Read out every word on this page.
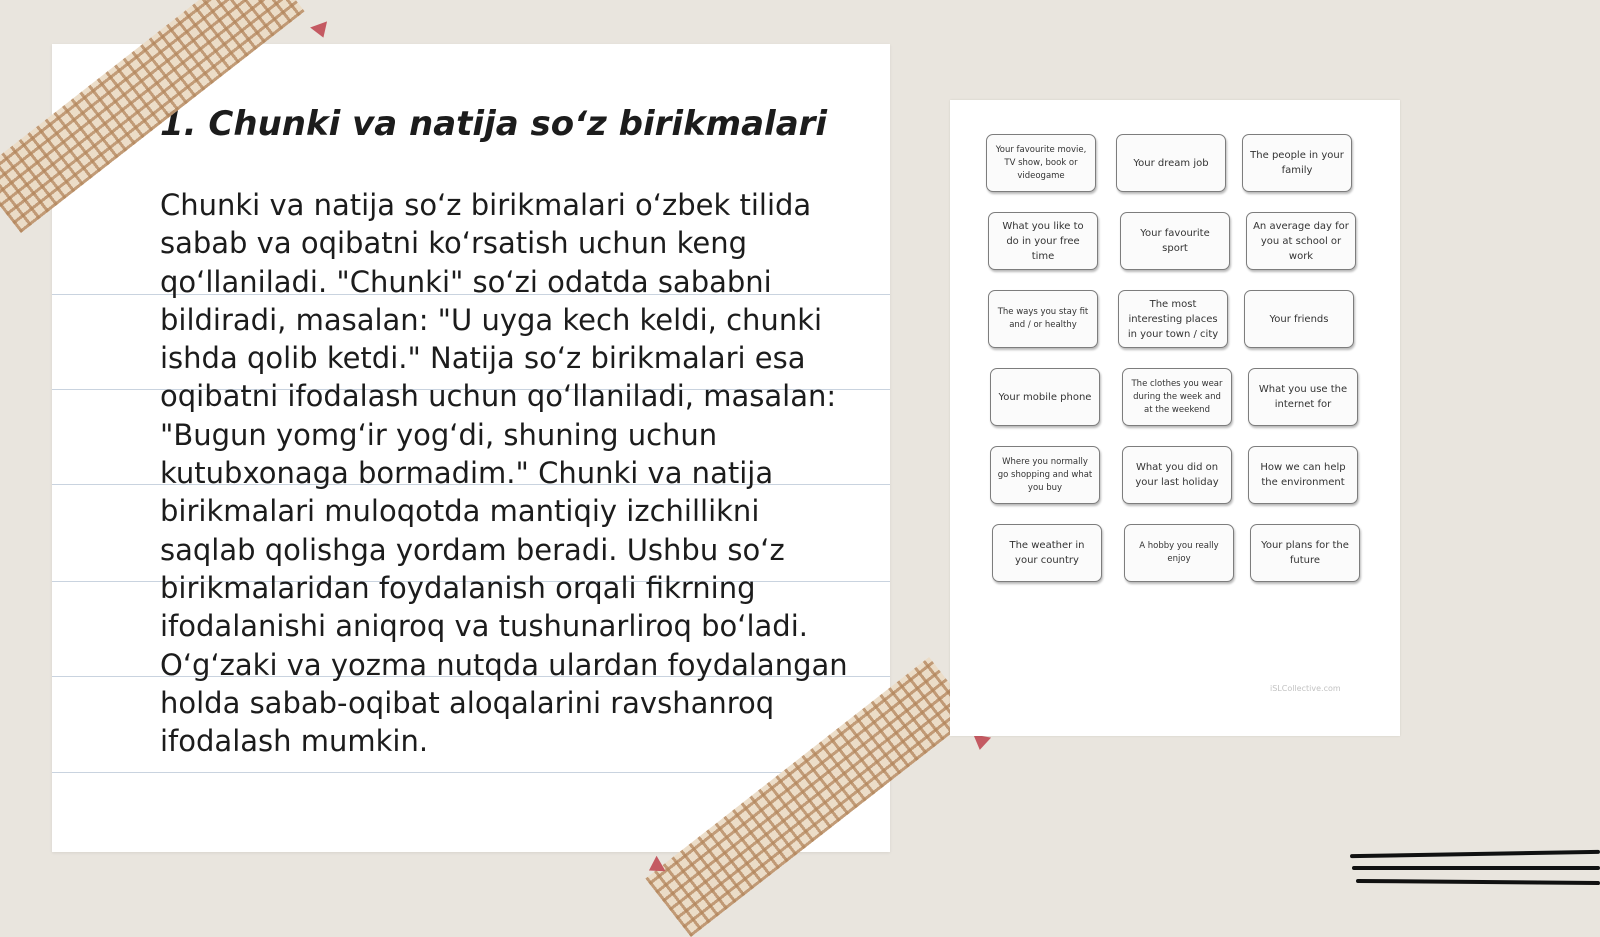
1. Chunki va natija so‘z birikmalari

Chunki va natija so‘z birikmalari o‘zbek tilida sabab va oqibatni ko‘rsatish uchun keng qo‘llaniladi. "Chunki" so‘zi odatda sababni bildiradi, masalan: "U uyga kech keldi, chunki ishda qolib ketdi." Natija so‘z birikmalari esa oqibatni ifodalash uchun qo‘llaniladi, masalan: "Bugun yomg‘ir yog‘di, shuning uchun kutubxonaga bormadim." Chunki va natija birikmalari muloqotda mantiqiy izchillikni saqlab qolishga yordam beradi. Ushbu so‘z birikmalaridan foydalanish orqali fikrning ifodalanishi aniqroq va tushunarliroq bo‘ladi. O‘g‘zaki va yozma nutqda ulardan foydalangan holda sabab-oqibat aloqalarini ravshanroq ifodalash mumkin.

Your favourite movie, TV show, book or videogame
Your dream job
The people in your family
What you like to do in your free time
Your favourite sport
An average day for you at school or work
The ways you stay fit and / or healthy
The most interesting places in your town / city
Your friends
Your mobile phone
The clothes you wear during the week and at the weekend
What you use the internet for
Where you normally go shopping and what you buy
What you did on your last holiday
How we can help the environment
The weather in your country
A hobby you really enjoy
Your plans for the future
iSLCollective.com
